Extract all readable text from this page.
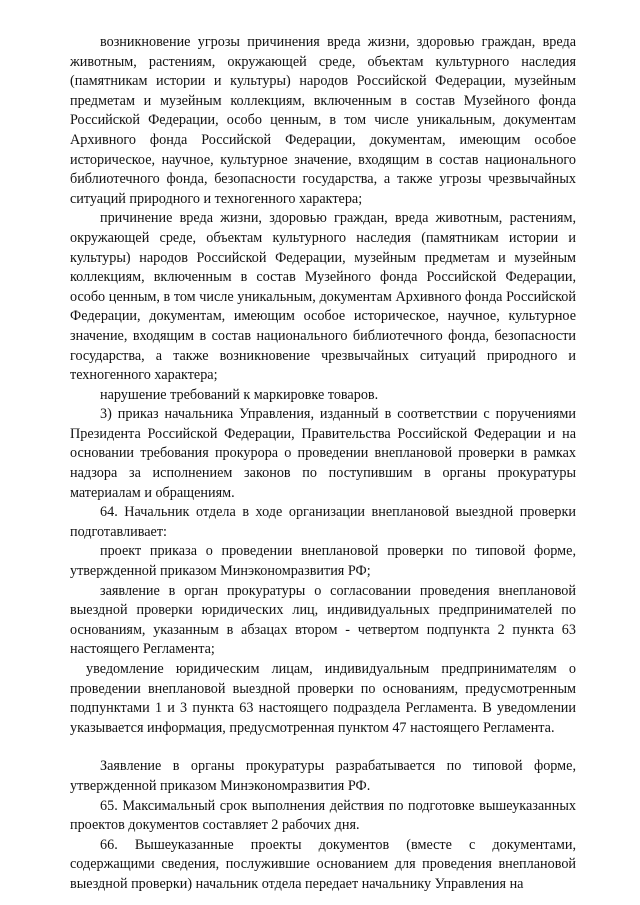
возникновение угрозы причинения вреда жизни, здоровью граждан, вреда животным, растениям, окружающей среде, объектам культурного наследия (памятникам истории и культуры) народов Российской Федерации, музейным предметам и музейным коллекциям, включенным в состав Музейного фонда Российской Федерации, особо ценным, в том числе уникальным, документам Архивного фонда Российской Федерации, документам, имеющим особое историческое, научное, культурное значение, входящим в состав национального библиотечного фонда, безопасности государства, а также угрозы чрезвычайных ситуаций природного и техногенного характера;

причинение вреда жизни, здоровью граждан, вреда животным, растениям, окружающей среде, объектам культурного наследия (памятникам истории и культуры) народов Российской Федерации, музейным предметам и музейным коллекциям, включенным в состав Музейного фонда Российской Федерации, особо ценным, в том числе уникальным, документам Архивного фонда Российской Федерации, документам, имеющим особое историческое, научное, культурное значение, входящим в состав национального библиотечного фонда, безопасности государства, а также возникновение чрезвычайных ситуаций природного и техногенного характера;

нарушение требований к маркировке товаров.

3) приказ начальника Управления, изданный в соответствии с поручениями Президента Российской Федерации, Правительства Российской Федерации и на основании требования прокурора о проведении внеплановой проверки в рамках надзора за исполнением законов по поступившим в органы прокуратуры материалам и обращениям.

64. Начальник отдела в ходе организации внеплановой выездной проверки подготавливает:

проект приказа о проведении внеплановой проверки по типовой форме, утвержденной приказом Минэкономразвития РФ;

заявление в орган прокуратуры о согласовании проведения внеплановой выездной проверки юридических лиц, индивидуальных предпринимателей по основаниям, указанным в абзацах втором - четвертом подпункта 2 пункта 63 настоящего Регламента;

уведомление юридическим лицам, индивидуальным предпринимателям о проведении внеплановой выездной проверки по основаниям, предусмотренным подпунктами 1 и 3 пункта 63 настоящего подраздела Регламента. В уведомлении указывается информация, предусмотренная пунктом 47 настоящего Регламента.

Заявление в органы прокуратуры разрабатывается по типовой форме, утвержденной приказом Минэкономразвития РФ.

65. Максимальный срок выполнения действия по подготовке вышеуказанных проектов документов составляет 2 рабочих дня.

66. Вышеуказанные проекты документов (вместе с документами, содержащими сведения, послужившие основанием для проведения внеплановой выездной проверки) начальник отдела передает начальнику Управления на
